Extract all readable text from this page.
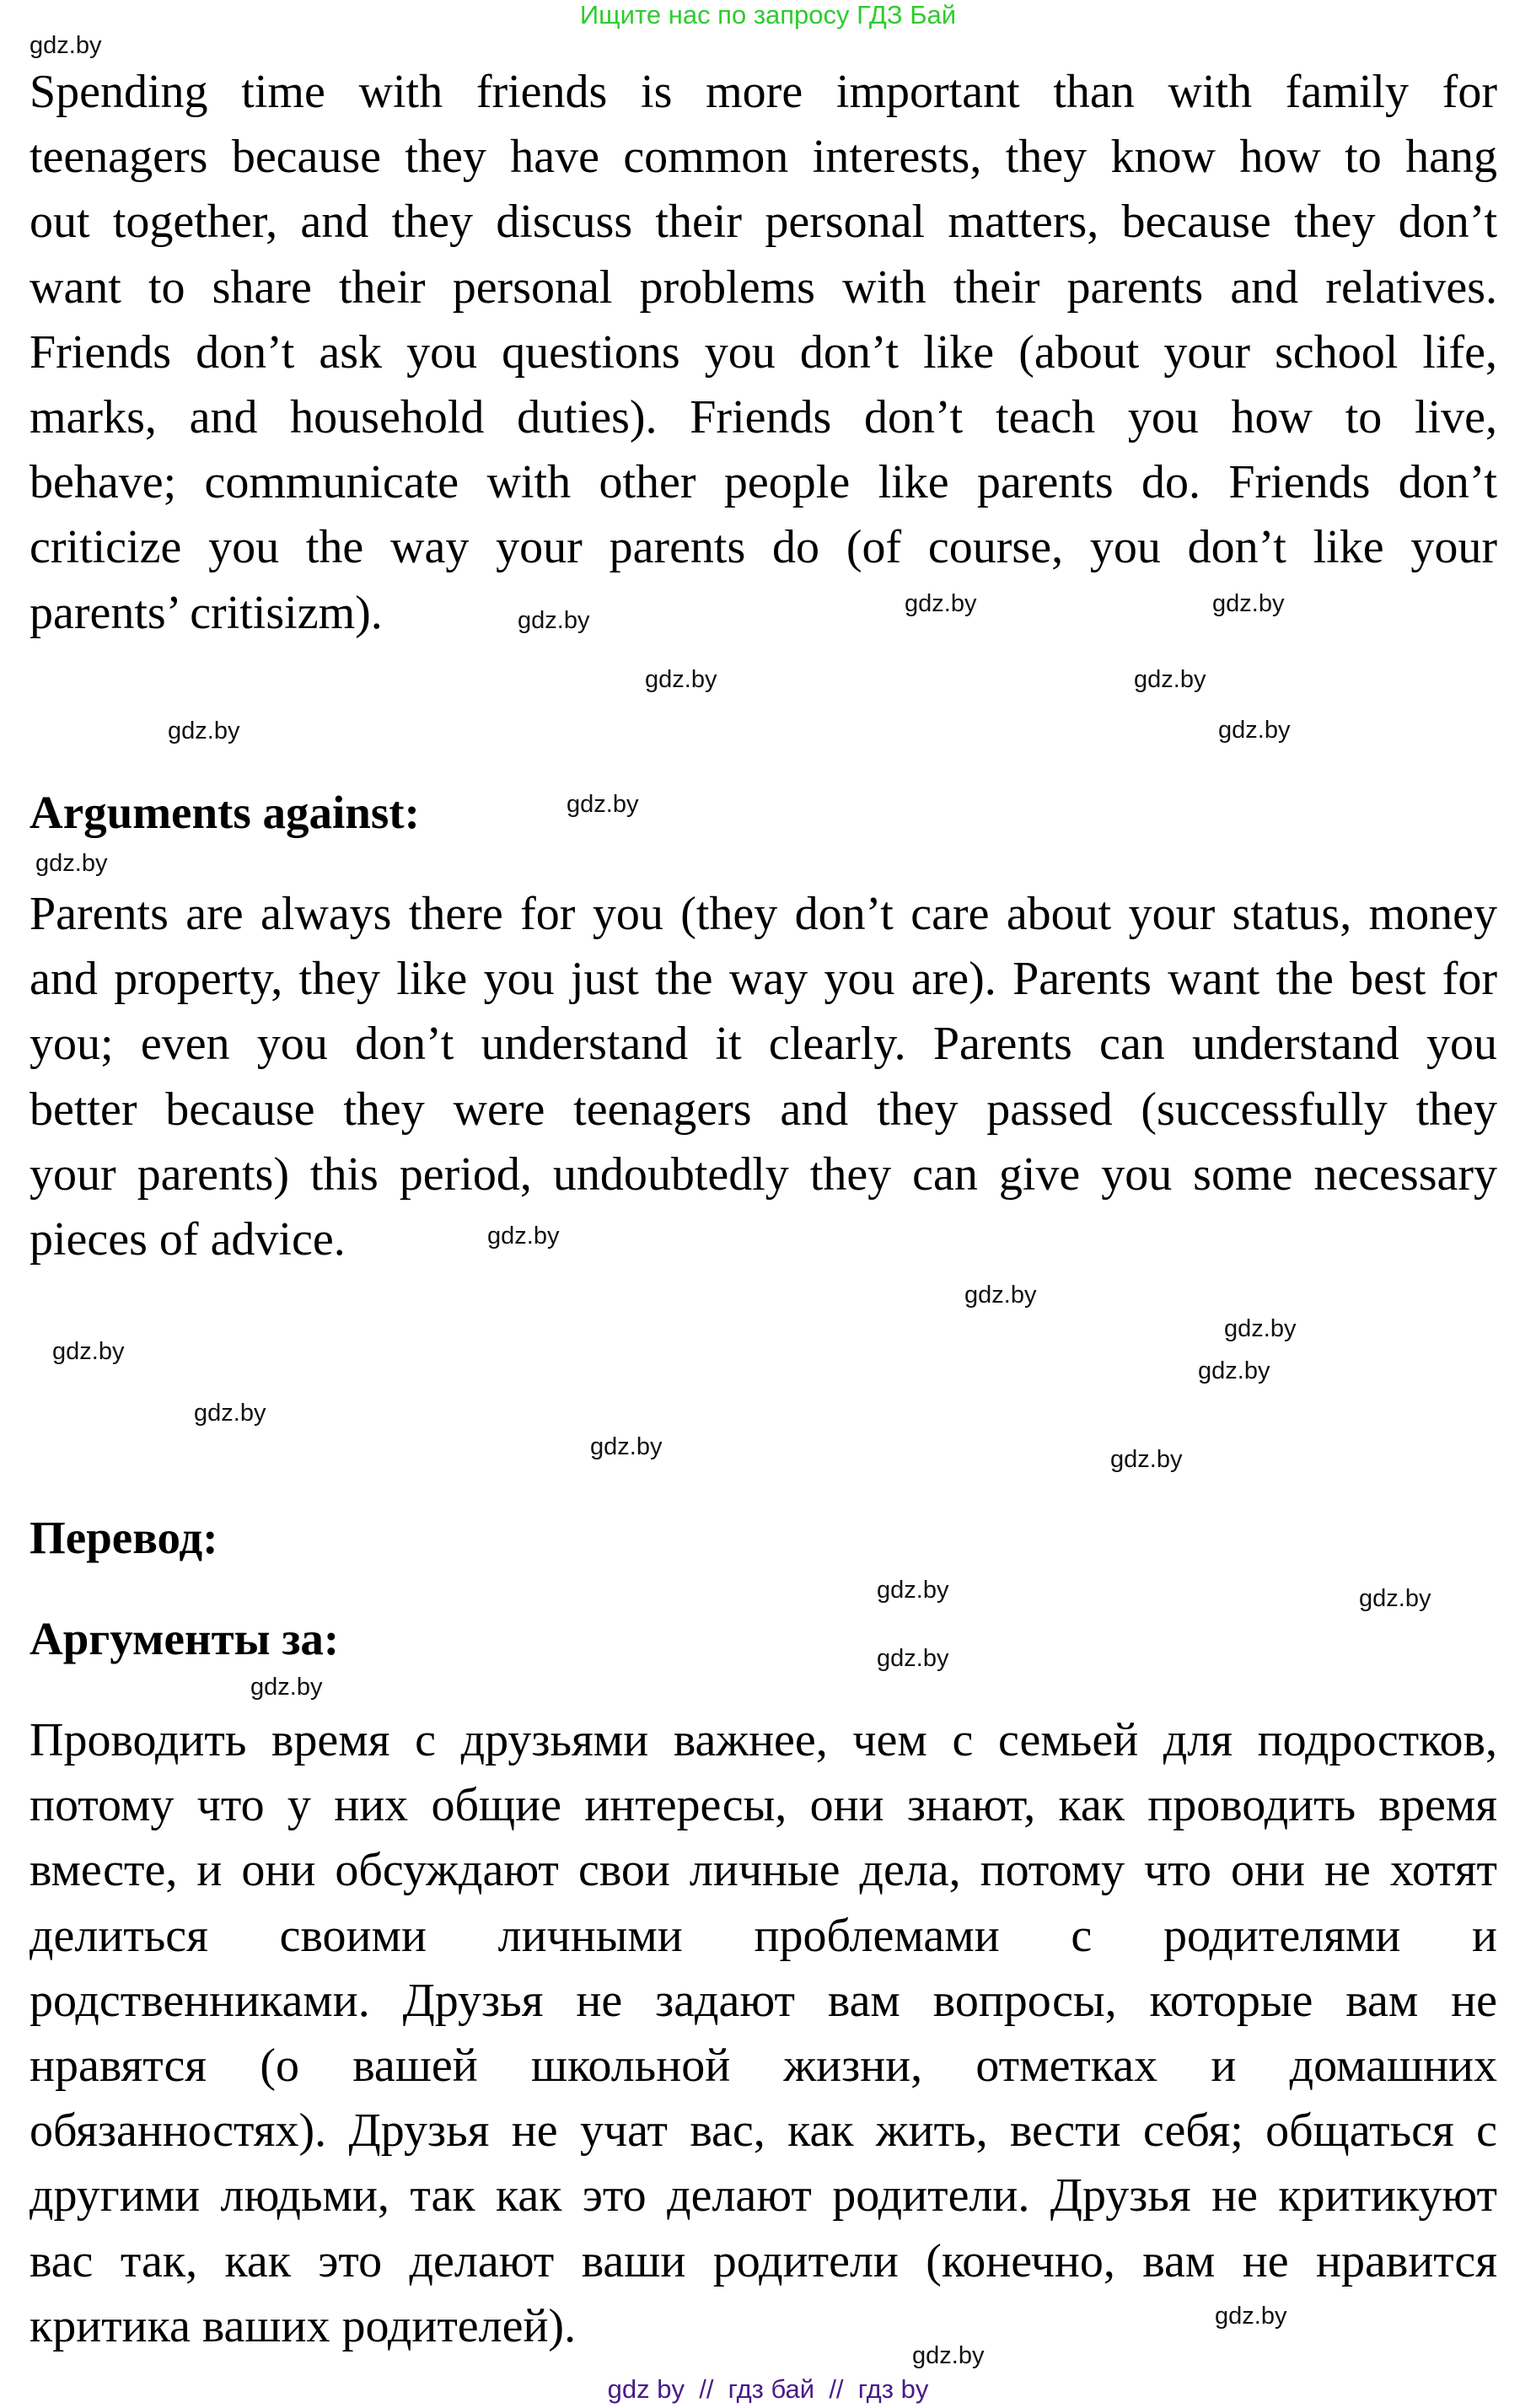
Ищите нас по запросу ГДЗ Бай
Spending time with friends is more important than with family for
teenagers because they have common interests, they know how to hang
out together, and they discuss their personal matters, because they don’t
want to share their personal problems with their parents and relatives.
Friends don’t ask you questions you don’t like (about your school life,
marks, and household duties). Friends don’t teach you how to live,
behave; communicate with other people like parents do. Friends don’t
criticize you the way your parents do (of course, you don’t like your
parents’ critisizm).
Arguments against:
Parents are always there for you (they don’t care about your status, money
and property, they like you just the way you are). Parents want the best for
you; even you don’t understand it clearly. Parents can understand you
better because they were teenagers and they passed (successfully they
your parents) this period, undoubtedly they can give you some necessary
pieces of advice.
Перевод:
Аргументы за:
Проводить время с друзьями важнее, чем с семьей для подростков,
потому что у них общие интересы, они знают, как проводить время
вместе, и они обсуждают свои личные дела, потому что они не хотят
делиться своими личными проблемами с родителями и
родственниками. Друзья не задают вам вопросы, которые вам не
нравятся (о вашей школьной жизни, отметках и домашних
обязанностях). Друзья не учат вас, как жить, вести себя; общаться с
другими людьми, так как это делают родители. Друзья не критикуют
вас так, как это делают ваши родители (конечно, вам не нравится
критика ваших родителей).
gdz.by
gdz.by	gdz.by
gdz.by
gdz.by
gdz.by
gdz.by
gdz.by
gdz.by
gdz.by
gdz.by
gdz.by
gdz.by
gdz.by
gdz.by
gdz.by
gdz.by
gdz.by
gdz.by	gdz.by
gdz.by
gdz.by
gdz.by
gdz.by
gdz by  //  гдз бай  //  гдз by
